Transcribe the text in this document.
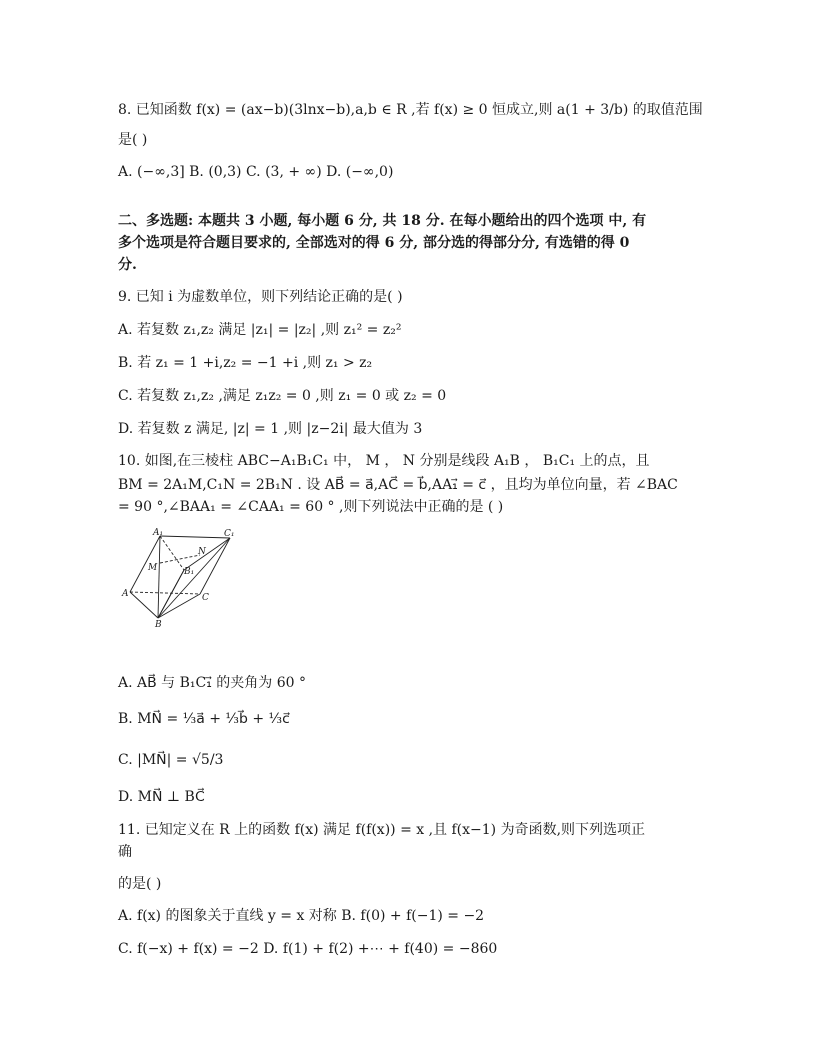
8. 已知函数 f(x) = (ax−b)(3lnx−b),a,b ∈ R ,若 f(x) ≥ 0 恒成立,则 a(1 + 3/b) 的取值范围
是( )
A. (−∞,3] B. (0,3) C. (3, + ∞) D. (−∞,0)
二、多选题: 本题共 3 小题, 每小题 6 分, 共 18 分. 在每小题给出的四个选项 中, 有
多个选项是符合题目要求的, 全部选对的得 6 分, 部分选的得部分分, 有选错的得 0
分.
9. 已知 i 为虚数单位，则下列结论正确的是( )
A. 若复数 z₁,z₂ 满足 |z₁| = |z₂| ,则 z₁² = z₂²
B. 若 z₁ = 1 +i,z₂ = −1 +i ,则 z₁ > z₂
C. 若复数 z₁,z₂ ,满足 z₁z₂ = 0 ,则 z₁ = 0 或 z₂ = 0
D. 若复数 z 满足, |z| = 1 ,则 |z−2i| 最大值为 3
10. 如图,在三棱柱 ABC−A₁B₁C₁ 中， M ， N 分别是线段 A₁B ， B₁C₁ 上的点，且
BM = 2A₁M,C₁N = 2B₁N . 设 AB⃗ = a⃗,AC⃗ = b⃗,AA₁⃗ = c⃗ ，且均为单位向量，若 ∠BAC
= 90 °,∠BAA₁ = ∠CAA₁ = 60 ° ,则下列说法中正确的是 ( )
A₁	C₁
N
M	B₁
A	C
B
A. AB⃗ 与 B₁C₁⃗ 的夹角为 60 °
B. MN⃗ = ⅓a⃗ + ⅓b⃗ + ⅓c⃗
C. |MN⃗| = √5/3
D. MN⃗ ⊥ BC⃗
11. 已知定义在 R 上的函数 f(x) 满足 f(f(x)) = x ,且 f(x−1) 为奇函数,则下列选项正
确
的是( )
A. f(x) 的图象关于直线 y = x 对称 B. f(0) + f(−1) = −2
C. f(−x) + f(x) = −2 D. f(1) + f(2) +⋯ + f(40) = −860
